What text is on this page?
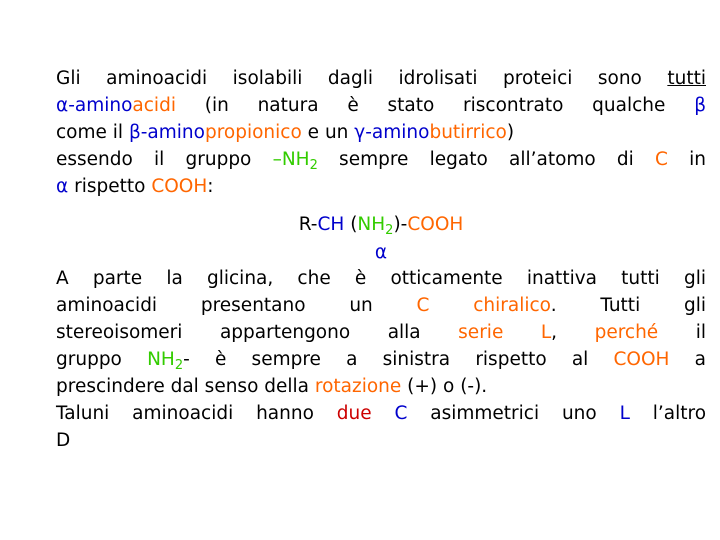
Gli aminoacidi isolabili dagli idrolisati proteici sono tutti
α-aminoacidi (in natura è stato riscontrato qualche β
come il β-aminopropionico e un γ-aminobutirrico)
essendo il gruppo $-NH_2$ sempre legato all’atomo di C in
α rispetto COOH:
R-CH $(NH_2)$-COOH
α
A parte la glicina, che è otticamente inattiva tutti gli
aminoacidi presentano un C chiralico. Tutti gli
stereoisomeri appartengono alla serie L, perché il
gruppo $NH_2-$ è sempre a sinistra rispetto al COOH a
prescindere dal senso della rotazione (+) o (-).
Taluni aminoacidi hanno due C asimmetrici uno L l’altro
D
